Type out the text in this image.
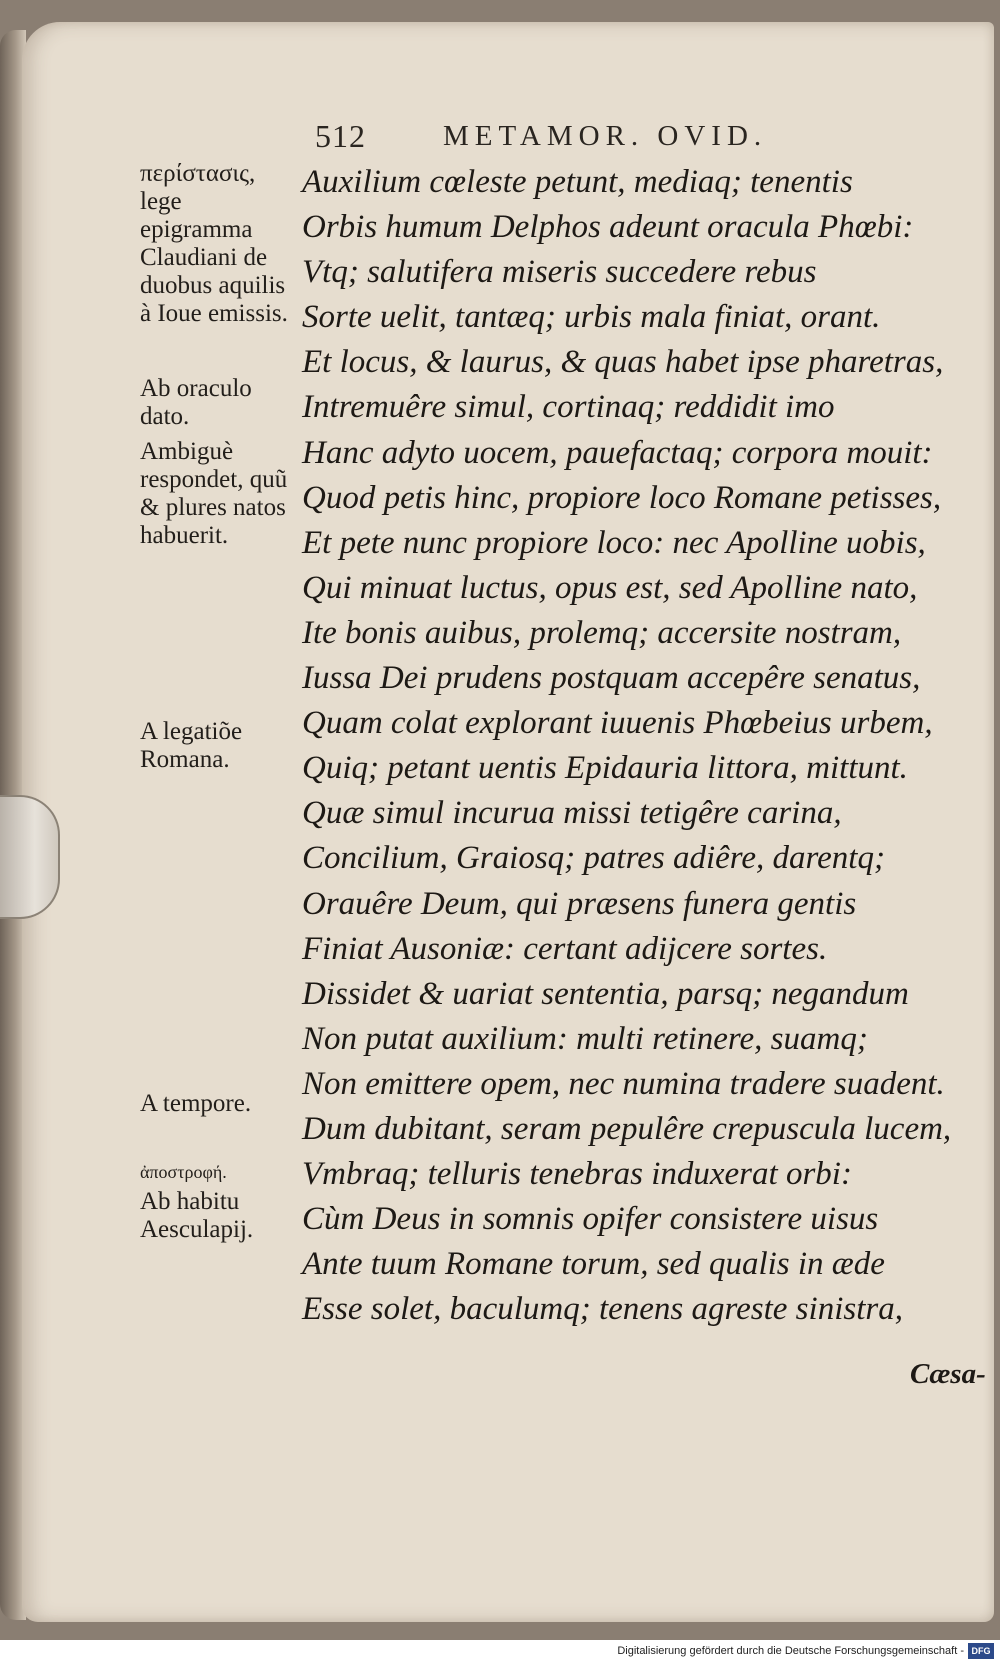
512	METAMOR. OVID.
Auxilium cœleste petunt, mediaq; tenentis
Orbis humum Delphos adeunt oracula Phœbi:
Vtq; salutifera miseris succedere rebus
Sorte uelit, tantæq; urbis mala finiat, orant.
Et locus, & laurus, & quas habet ipse pharetras,
Intremuêre simul, cortinaq; reddidit imo
Hanc adyto uocem, pauefactaq; corpora mouit:
Quod petis hinc, propiore loco Romane petisses,
Et pete nunc propiore loco: nec Apolline uobis,
Qui minuat luctus, opus est, sed Apolline nato,
Ite bonis auibus, prolemq; accersite nostram,
Iussa Dei prudens postquam accepêre senatus,
Quam colat explorant iuuenis Phœbeius urbem,
Quiq; petant uentis Epidauria littora, mittunt.
Quæ simul incurua missi tetigêre carina,
Concilium, Graiosq; patres adiêre, darentq;
Orauêre Deum, qui præsens funera gentis
Finiat Ausoniæ: certant adijcere sortes.
Dissidet & uariat sententia, parsq; negandum
Non putat auxilium: multi retinere, suamq;
Non emittere opem, nec numina tradere suadent.
Dum dubitant, seram pepulêre crepuscula lucem,
Vmbraq; telluris tenebras induxerat orbi:
Cùm Deus in somnis opifer consistere uisus
Ante tuum Romane torum, sed qualis in æde
Esse solet, baculumq; tenens agreste sinistra,

περίστασις, lege epigramma Claudiani de duobus aquilis à Ioue emissis.

Ab oraculo dato.

Ambiguè respondet, quũ & plures natos habuerit.

A legatiõe Romana.

A tempore.

ἀποστροφή.

Ab habitu Aesculapij.

Cæsa-
Digitalisierung gefördert durch die Deutsche Forschungsgemeinschaft - DFG
